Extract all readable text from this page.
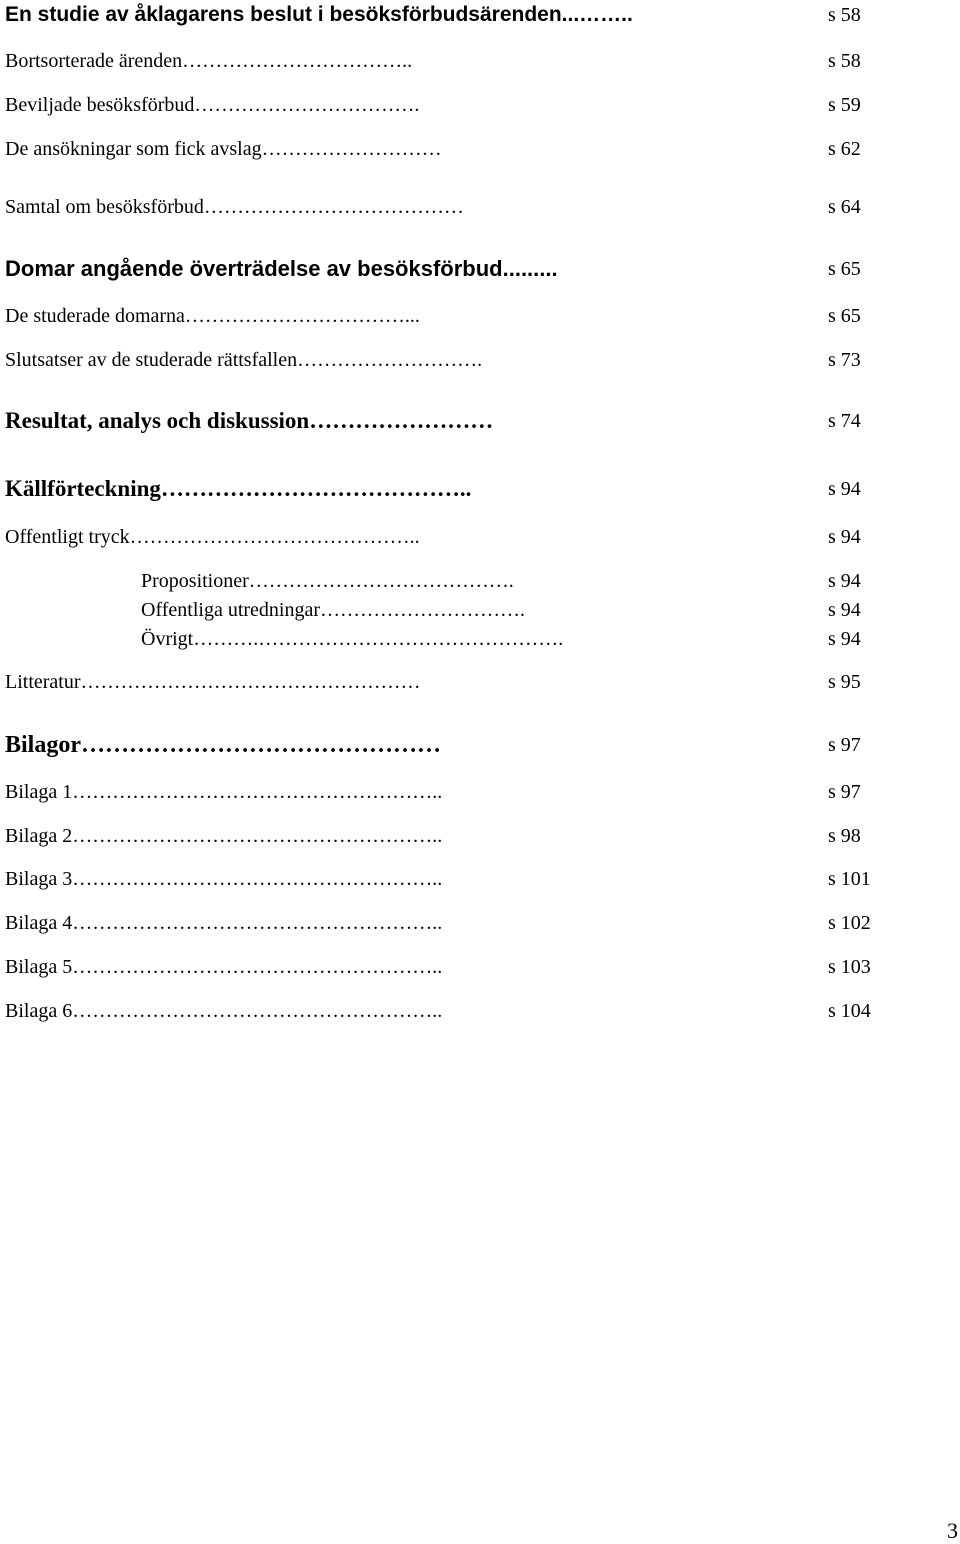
En studie av åklagarens beslut i besöksförbudsärenden...……..	s 58
Bortsorterade ärenden……………………………..	s 58
Beviljade besöksförbud…………………………….	s 59
De ansökningar som fick avslag………………………	s 62
Samtal om besöksförbud…………………………………	s 64
Domar angående överträdelse av besöksförbud.........	s 65
De studerade domarna……………………………...	s 65
Slutsatser av de studerade rättsfallen……………………….	s 73
Resultat, analys och diskussion……………………	s 74
Källförteckning…………………………………..	s 94
Offentligt tryck……………………………………..	s 94
Propositioner………………………………….	s 94
Offentliga utredningar………………………….	s 94
Övrigt……….……………………………………….	s 94
Litteratur……………………………………………	s 95
Bilagor………………………………………	s 97
Bilaga 1………………………………………………..	s 97
Bilaga 2………………………………………………..	s 98
Bilaga 3………………………………………………..	s 101
Bilaga 4………………………………………………..	s 102
Bilaga 5………………………………………………..	s 103
Bilaga 6………………………………………………..	s 104
3
